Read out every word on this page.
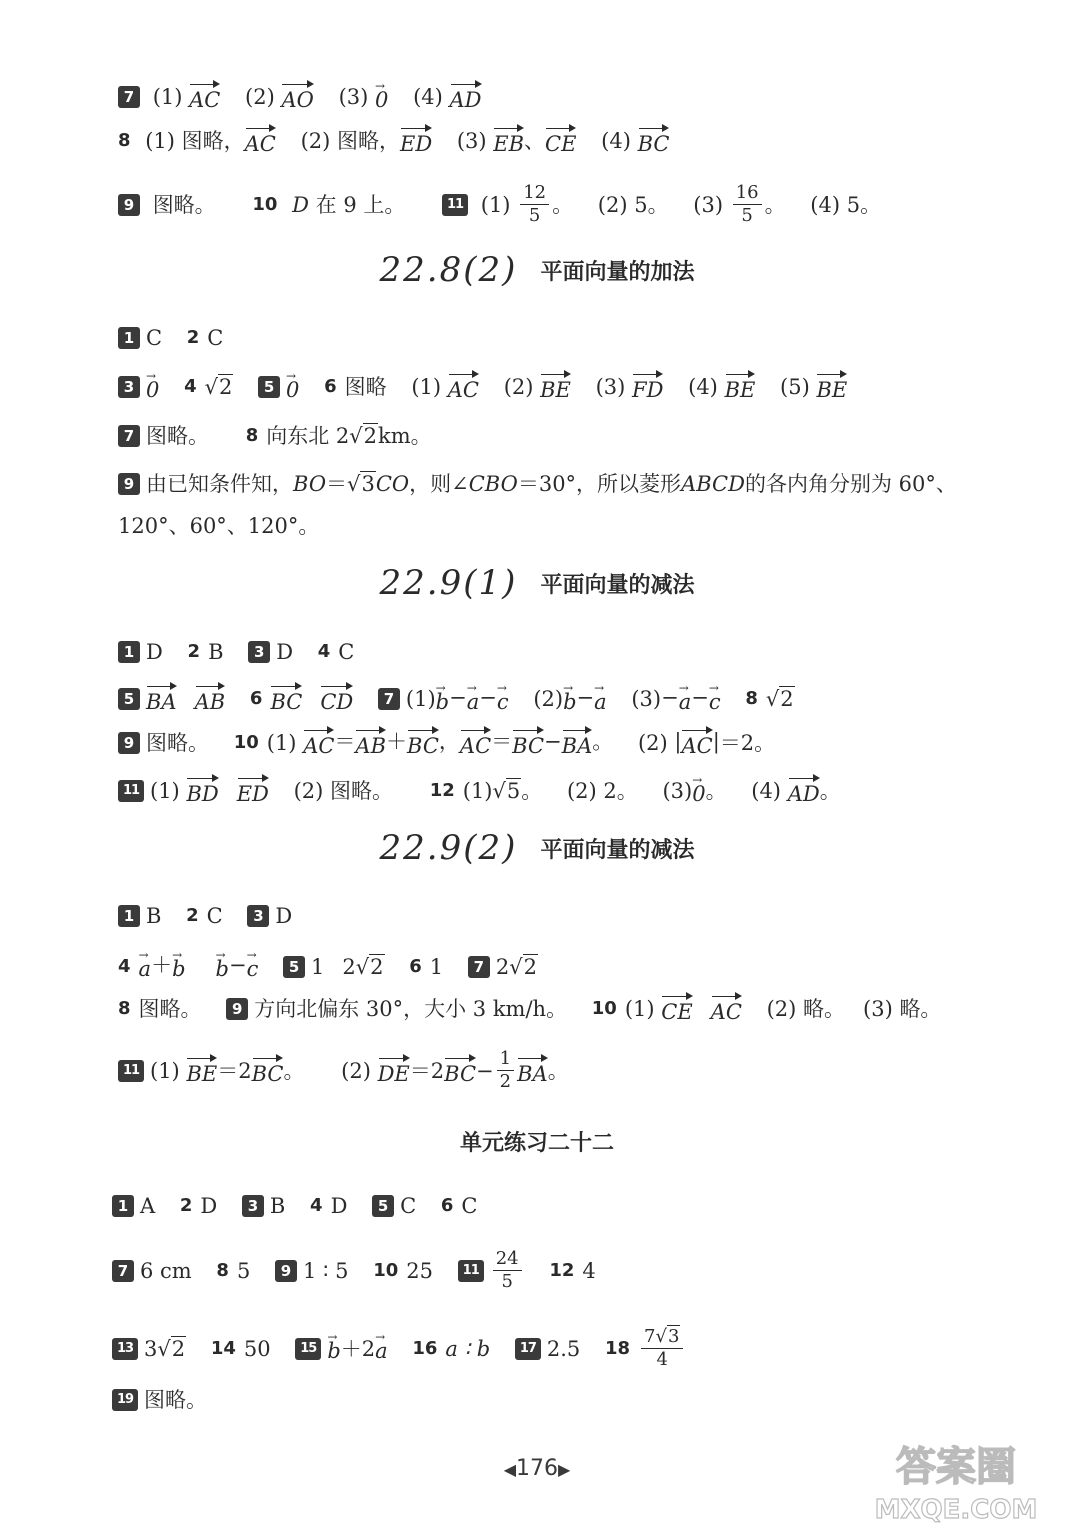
7 (1) AC (2) AO (3) → 0 (4) AD
8 (1) 图略，AC (2) 图略，ED (3) EB、CE (4) BC
9 图略。 10 D 在 9 上。	11 $(1) \frac{12}{5}$ 。 (2) 5。 $(3) \frac{16}{5}$ 。 (4) 5。
22.8(2) 平面向量的加法
1 C 2 C
3 → 0 4 √2 5 → 0 6 图略 (1) AC (2) BE (3) FD (4) BE (5) BE
7 图略。 8 向东北 2√2km。
9 由已知条件知，BO＝√3CO，则∠CBO＝30°，所以菱形ABCD的各内角分别为 60°、
120°、60°、120°。
22.9(1) 平面向量的减法
1 D 2 B 3 D 4 C
5 BA AB 6 BC CD 7 (1)→ b−→ a−→ c (2)→ b−→ a (3)−→ a−→ c 8 √2
9 图略。 10 (1) AC＝AB＋BC，AC＝BC−BA。 (2) |AC|＝2。
11 (1) BD ED (2) 图略。 12 (1)√5。 (2) 2。 (3)→ 0。 (4) AD。
22.9(2) 平面向量的减法
1 B 2 C 3 D
4 → a＋→ b → b−→ c 5 1 2√2 6 1 7 2√2
8 图略。 9 方向北偏东 30°，大小 3 km/h。 10 (1) CE AC (2) 略。 (3) 略。
11 (1) BE＝2BC。 (2) $DE=2BC- \frac{1}{2}$ BA。
单元练习二十二
1 A 2 D 3 B 4 D 5 C 6 C
7 6 cm 8 5 9 1 ∶ 5 10 25 $11 \frac{24}{5} 12$ 4
13 3√2 14 50 15 → b＋2→ a 16 a ∶ b 17 2.5 $18 \frac{7√3}{4}$
19 图略。
◀176▶	答案圈
MXQE.COM
